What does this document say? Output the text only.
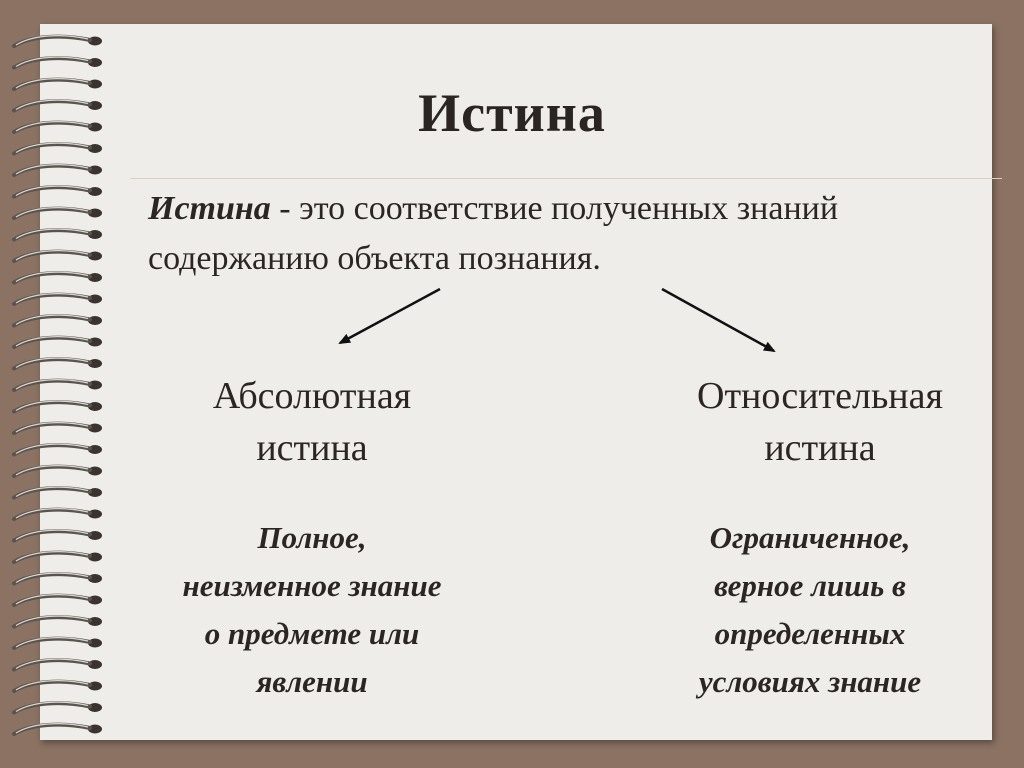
Истина
Истина - это соответствие полученных знаний
содержанию объекта познания.
Абсолютная
истина
Относительная
истина
Полное,
неизменное знание
о предмете или
явлении
Ограниченное,
верное лишь в
определенных
условиях знание
